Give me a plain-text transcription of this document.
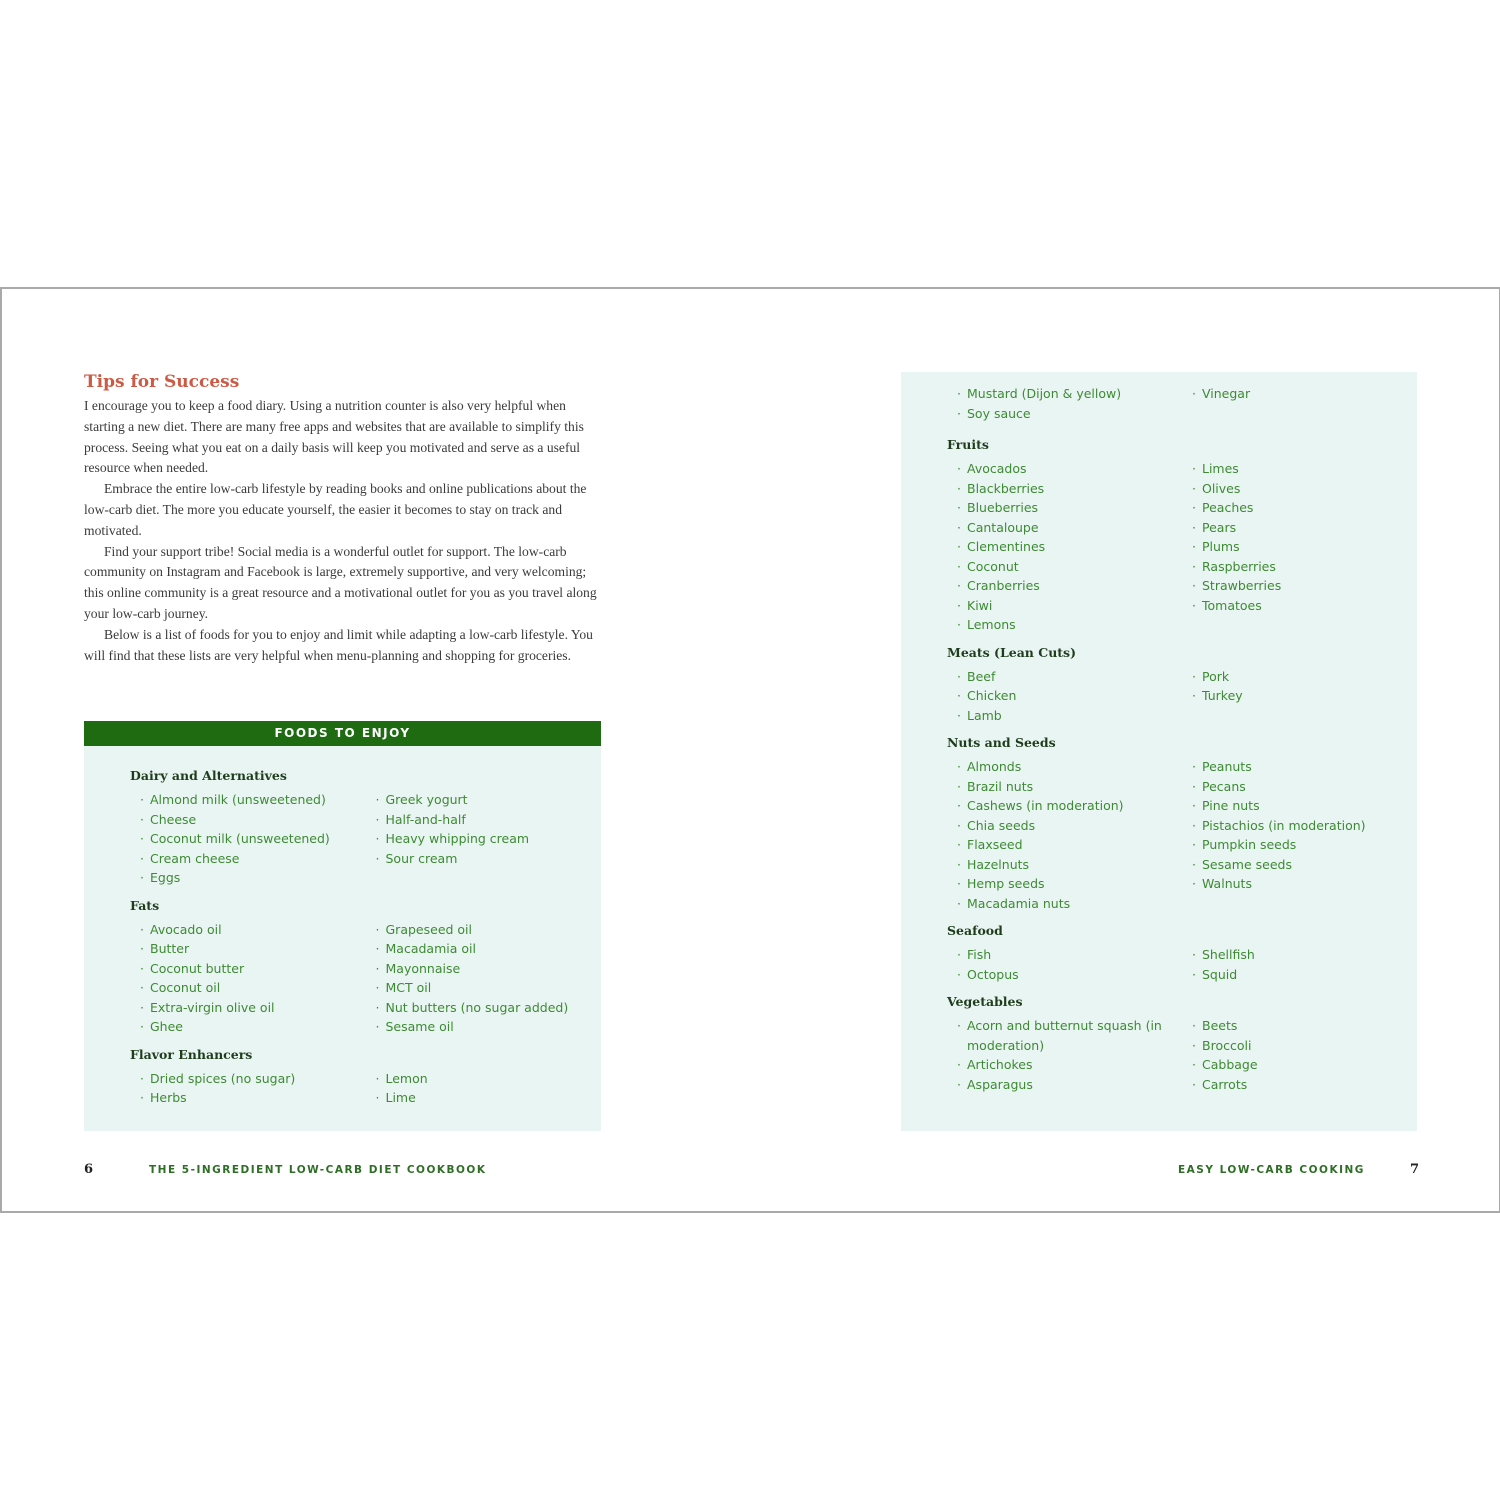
Tips for Success

I encourage you to keep a food diary. Using a nutrition counter is also very helpful when starting a new diet. There are many free apps and websites that are available to simplify this process. Seeing what you eat on a daily basis will keep you motivated and serve as a useful resource when needed.

Embrace the entire low-carb lifestyle by reading books and online publications about the low-carb diet. The more you educate yourself, the easier it becomes to stay on track and motivated.

Find your support tribe! Social media is a wonderful outlet for support. The low-carb community on Instagram and Facebook is large, extremely supportive, and very welcoming; this online community is a great resource and a motivational outlet for you as you travel along your low-carb journey.

Below is a list of foods for you to enjoy and limit while adapting a low-carb lifestyle. You will find that these lists are very helpful when menu-planning and shopping for groceries.

FOODS TO ENJOY
Dairy and Alternatives
· Almond milk (unsweetened)
· Cheese
· Coconut milk (unsweetened)
· Cream cheese
· Eggs
· Greek yogurt
· Half-and-half
· Heavy whipping cream
· Sour cream
Fats
· Avocado oil
· Butter
· Coconut butter
· Coconut oil
· Extra-virgin olive oil
· Ghee
· Grapeseed oil
· Macadamia oil
· Mayonnaise
· MCT oil
· Nut butters (no sugar added)
· Sesame oil
Flavor Enhancers
· Dried spices (no sugar)
· Herbs
· Lemon
· Lime
· Mustard (Dijon & yellow)
· Soy sauce
· Vinegar
Fruits
· Avocados
· Blackberries
· Blueberries
· Cantaloupe
· Clementines
· Coconut
· Cranberries
· Kiwi
· Lemons
· Limes
· Olives
· Peaches
· Pears
· Plums
· Raspberries
· Strawberries
· Tomatoes
Meats (Lean Cuts)
· Beef
· Chicken
· Lamb
· Pork
· Turkey
Nuts and Seeds
· Almonds
· Brazil nuts
· Cashews (in moderation)
· Chia seeds
· Flaxseed
· Hazelnuts
· Hemp seeds
· Macadamia nuts
· Peanuts
· Pecans
· Pine nuts
· Pistachios (in moderation)
· Pumpkin seeds
· Sesame seeds
· Walnuts
Seafood
· Fish
· Octopus
· Shellfish
· Squid
Vegetables
· Acorn and butternut squash (in moderation)
· Artichokes
· Asparagus
· Beets
· Broccoli
· Cabbage
· Carrots
6	THE 5-INGREDIENT LOW-CARB DIET COOKBOOK	EASY LOW-CARB COOKING	7
